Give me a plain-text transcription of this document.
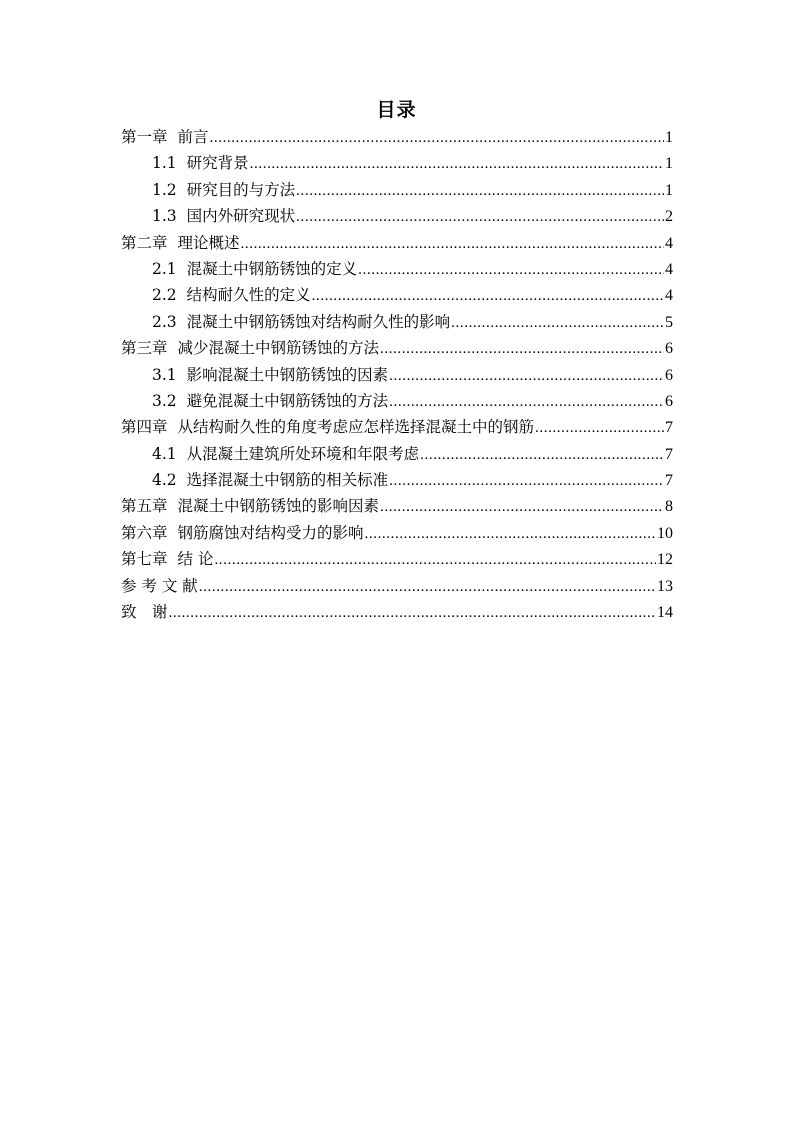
目录
第一章 前言 .....	1
1.1 研究背景 .....	1
1.2 研究目的与方法 .....	1
1.3 国内外研究现状 .....	2
第二章 理论概述 .....	4
2.1 混凝土中钢筋锈蚀的定义 .....	4
2.2 结构耐久性的定义 .....	4
2.3 混凝土中钢筋锈蚀对结构耐久性的影响 .....	5
第三章 减少混凝土中钢筋锈蚀的方法 .....	6
3.1 影响混凝土中钢筋锈蚀的因素 .....	6
3.2 避免混凝土中钢筋锈蚀的方法 .....	6
第四章 从结构耐久性的角度考虑应怎样选择混凝土中的钢筋 .....	7
4.1 从混凝土建筑所处环境和年限考虑 .....	7
4.2 选择混凝土中钢筋的相关标准 .....	7
第五章 混凝土中钢筋锈蚀的影响因素 .....	8
第六章 钢筋腐蚀对结构受力的影响 .....	10
第七章 结 论 .....	12
参 考 文 献 .....	13
致　谢 .....	14
